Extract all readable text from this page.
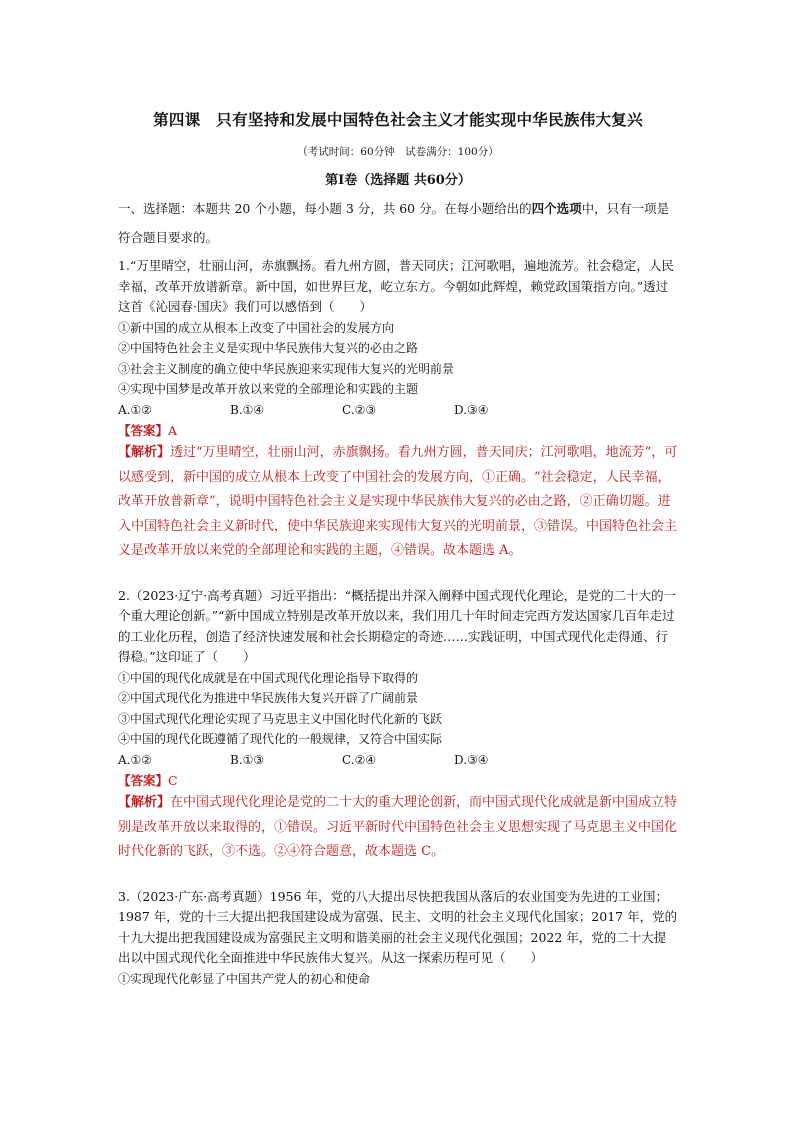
第四课　只有坚持和发展中国特色社会主义才能实现中华民族伟大复兴
（考试时间：60分钟　试卷满分：100分）
第Ⅰ卷（选择题 共60分）
一、选择题：本题共 20 个小题，每小题 3 分，共 60 分。在每小题给出的四个选项中，只有一项是符合题目要求的。

1.“万里晴空，壮丽山河，赤旗飘扬。看九州方圆，普天同庆；江河歌唱，遍地流芳。社会稳定，人民幸福，改革开放谱新章。新中国，如世界巨龙，屹立东方。今朝如此辉煌，赖党政国策指方向。”透过这首《沁园春·国庆》我们可以感悟到（　　）

①新中国的成立从根本上改变了中国社会的发展方向
②中国特色社会主义是实现中华民族伟大复兴的必由之路
③社会主义制度的确立使中华民族迎来实现伟大复兴的光明前景
④实现中国梦是改革开放以来党的全部理论和实践的主题
A.①②	B.①④	C.②③	D.③④
【答案】A
【解析】透过“万里晴空，壮丽山河，赤旗飘扬。看九州方圆，普天同庆；江河歌唱，地流芳”，可以感受到，新中国的成立从根本上改变了中国社会的发展方向，①正确。“社会稳定，人民幸福，改革开放普新章”，说明中国特色社会主义是实现中华民族伟大复兴的必由之路，②正确切题。进入中国特色社会主义新时代，使中华民族迎来实现伟大复兴的光明前景，③错误。中国特色社会主义是改革开放以来党的全部理论和实践的主题，④错误。故本题选 A。

2.（2023·辽宁·高考真题）习近平指出：“概括提出并深入阐释中国式现代化理论，是党的二十大的一个重大理论创新。”“新中国成立特别是改革开放以来，我们用几十年时间走完西方发达国家几百年走过的工业化历程，创造了经济快速发展和社会长期稳定的奇迹……实践证明，中国式现代化走得通、行得稳。”这印证了（　　）

①中国的现代化成就是在中国式现代化理论指导下取得的
②中国式现代化为推进中华民族伟大复兴开辟了广阔前景
③中国式现代化理论实现了马克思主义中国化时代化新的飞跃
④中国的现代化既遵循了现代化的一般规律，又符合中国实际
A.①②	B.①③	C.②④	D.③④
【答案】C
【解析】在中国式现代化理论是党的二十大的重大理论创新，而中国式现代化成就是新中国成立特别是改革开放以来取得的，①错误。习近平新时代中国特色社会主义思想实现了马克思主义中国化时代化新的飞跃，③不选。②④符合题意，故本题选 C。

3.（2023·广东·高考真题）1956 年，党的八大提出尽快把我国从落后的农业国变为先进的工业国；1987 年，党的十三大提出把我国建设成为富强、民主、文明的社会主义现代化国家；2017 年，党的十九大提出把我国建设成为富强民主文明和谐美丽的社会主义现代化强国；2022 年，党的二十大提出以中国式现代化全面推进中华民族伟大复兴。从这一探索历程可见（　　）

①实现现代化彰显了中国共产党人的初心和使命
